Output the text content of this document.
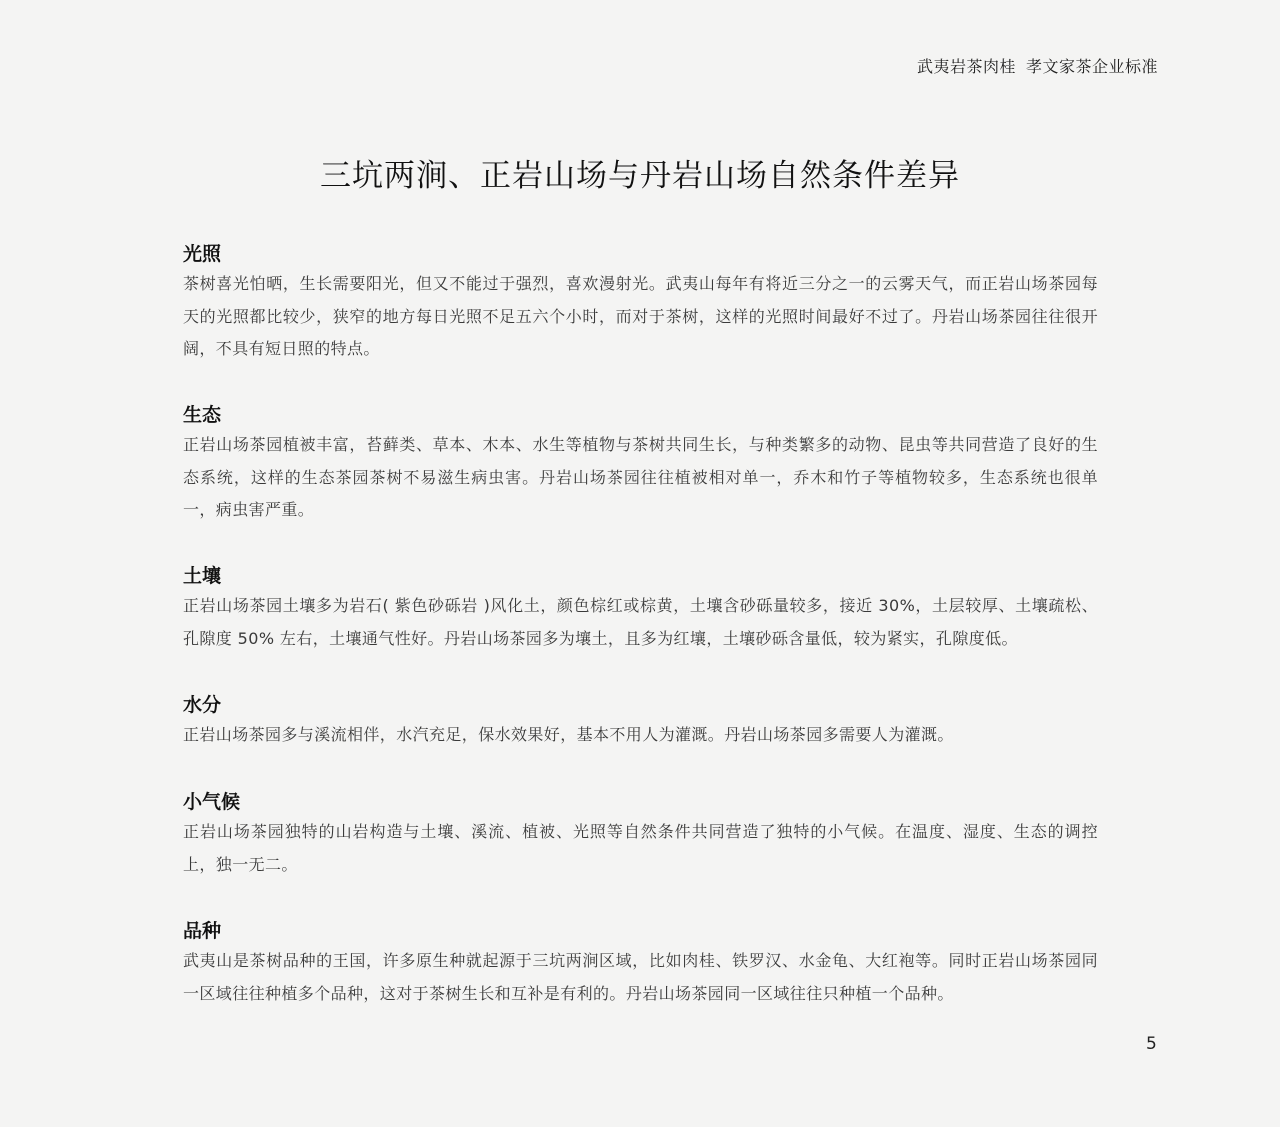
武夷岩茶肉桂 孝文家茶企业标准
三坑两涧、正岩山场与丹岩山场自然条件差异

光照

茶树喜光怕晒，生长需要阳光，但又不能过于强烈，喜欢漫射光。武夷山每年有将近三分之一的云雾天气，而正岩山场茶园每天的光照都比较少，狭窄的地方每日光照不足五六个小时，而对于茶树，这样的光照时间最好不过了。丹岩山场茶园往往很开阔，不具有短日照的特点。

生态

正岩山场茶园植被丰富，苔藓类、草本、木本、水生等植物与茶树共同生长，与种类繁多的动物、昆虫等共同营造了良好的生态系统，这样的生态茶园茶树不易滋生病虫害。丹岩山场茶园往往植被相对单一，乔木和竹子等植物较多，生态系统也很单一，病虫害严重。

土壤

正岩山场茶园土壤多为岩石( 紫色砂砾岩 )风化土，颜色棕红或棕黄，土壤含砂砾量较多，接近 30%，土层较厚、土壤疏松、孔隙度 50% 左右，土壤通气性好。丹岩山场茶园多为壤土，且多为红壤，土壤砂砾含量低，较为紧实，孔隙度低。

水分

正岩山场茶园多与溪流相伴，水汽充足，保水效果好，基本不用人为灌溉。丹岩山场茶园多需要人为灌溉。

小气候

正岩山场茶园独特的山岩构造与土壤、溪流、植被、光照等自然条件共同营造了独特的小气候。在温度、湿度、生态的调控上，独一无二。

品种

武夷山是茶树品种的王国，许多原生种就起源于三坑两涧区域，比如肉桂、铁罗汉、水金龟、大红袍等。同时正岩山场茶园同一区域往往种植多个品种，这对于茶树生长和互补是有利的。丹岩山场茶园同一区域往往只种植一个品种。

5
